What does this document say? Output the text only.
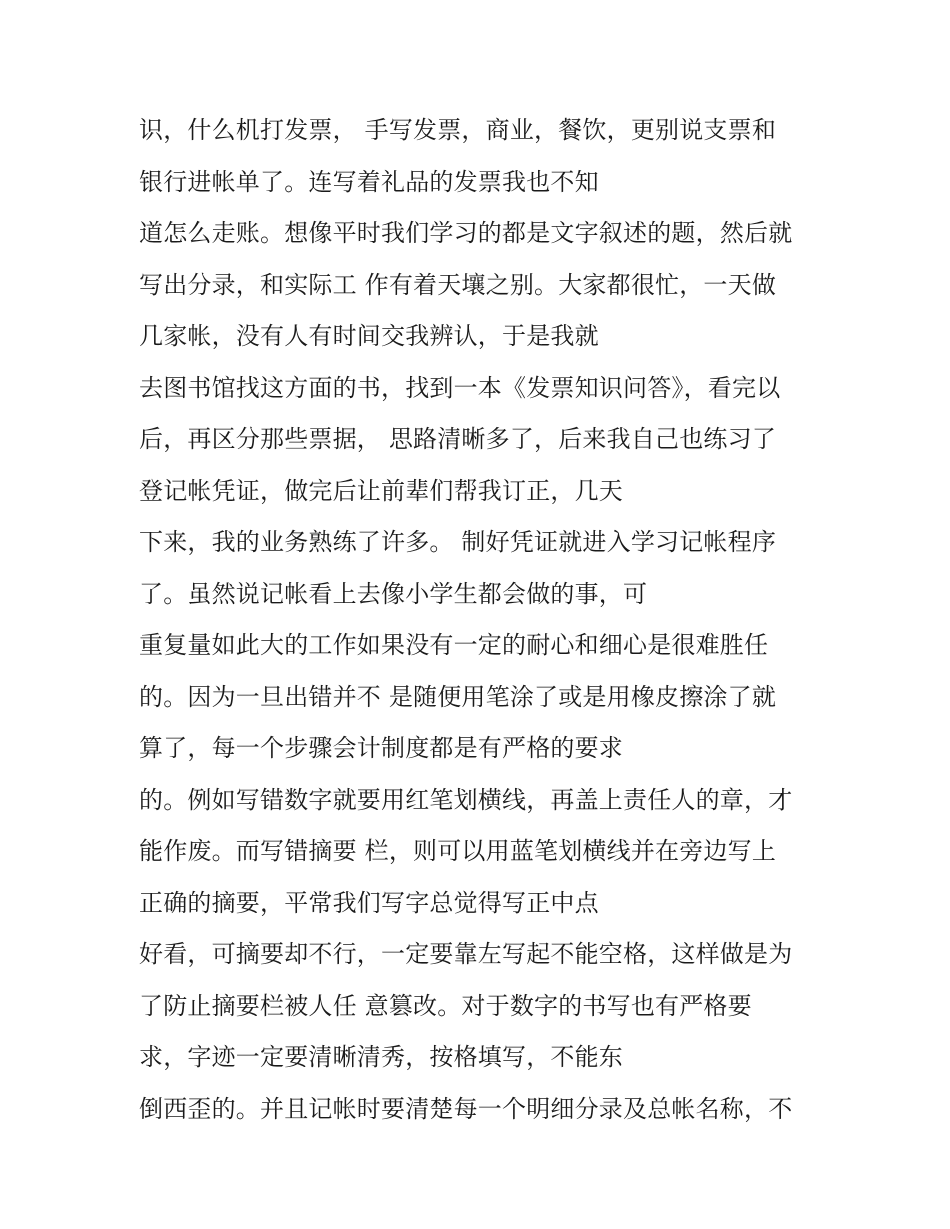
识，什么机打发票， 手写发票，商业，餐饮，更别说支票和
银行进帐单了。连写着礼品的发票我也不知
道怎么走账。想像平时我们学习的都是文字叙述的题，然后就
写出分录，和实际工 作有着天壤之别。大家都很忙，一天做
几家帐，没有人有时间交我辨认，于是我就
去图书馆找这方面的书，找到一本《发票知识问答》，看完以
后，再区分那些票据， 思路清晰多了，后来我自己也练习了
登记帐凭证，做完后让前辈们帮我订正，几天
下来，我的业务熟练了许多。 制好凭证就进入学习记帐程序
了。虽然说记帐看上去像小学生都会做的事，可
重复量如此大的工作如果没有一定的耐心和细心是很难胜任
的。因为一旦出错并不 是随便用笔涂了或是用橡皮擦涂了就
算了，每一个步骤会计制度都是有严格的要求
的。例如写错数字就要用红笔划横线，再盖上责任人的章，才
能作废。而写错摘要 栏，则可以用蓝笔划横线并在旁边写上
正确的摘要，平常我们写字总觉得写正中点
好看，可摘要却不行，一定要靠左写起不能空格，这样做是为
了防止摘要栏被人任 意篡改。对于数字的书写也有严格要
求，字迹一定要清晰清秀，按格填写，不能东
倒西歪的。并且记帐时要清楚每一个明细分录及总帐名称，不
